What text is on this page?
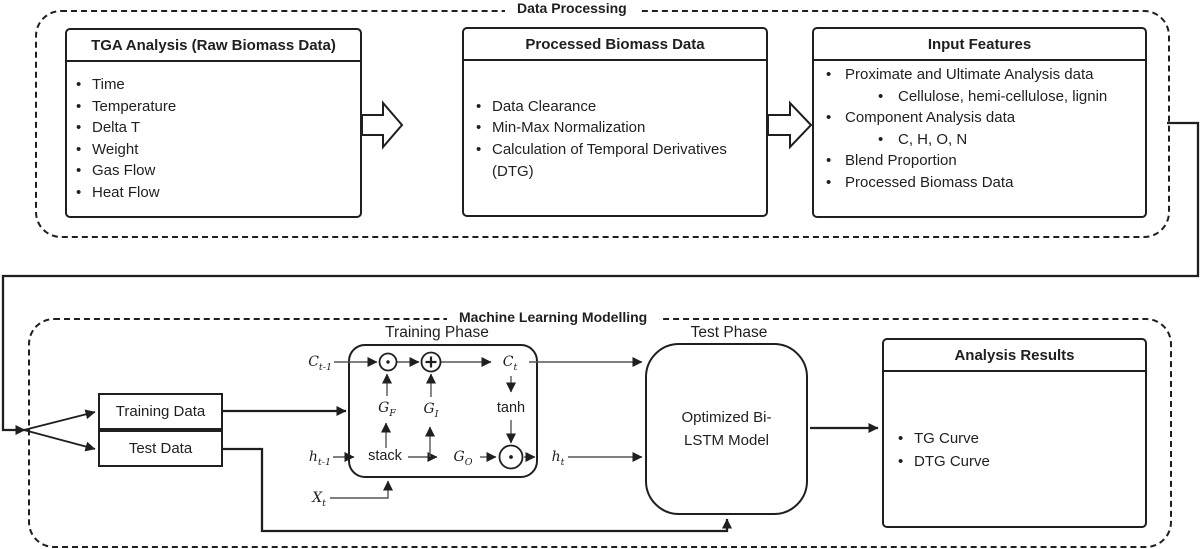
TGA Analysis (Raw Biomass Data)
• Time
• Temperature
• Delta T
• Weight
• Gas Flow
• Heat Flow
Processed Biomass Data
• Data Clearance
• Min-Max Normalization
• Calculation of Temporal Derivatives (DTG)
Input Features
• Proximate and Ultimate Analysis data
• Cellulose, hemi-cellulose, lignin
• Component Analysis data
• C, H, O, N
• Blend Proportion
• Processed Biomass Data
Training Data
Test Data
Optimized Bi-LSTM Model
Analysis Results
• TG Curve
• DTG Curve
Data Processing
Machine Learning Modelling
Training Phase	Test Phase
$C_{t-1}$	$C_t$
$G_F$	$G_I$
$G_O$
$h_{t-1}$	$h_t$
$X_t$
stack
tanh
